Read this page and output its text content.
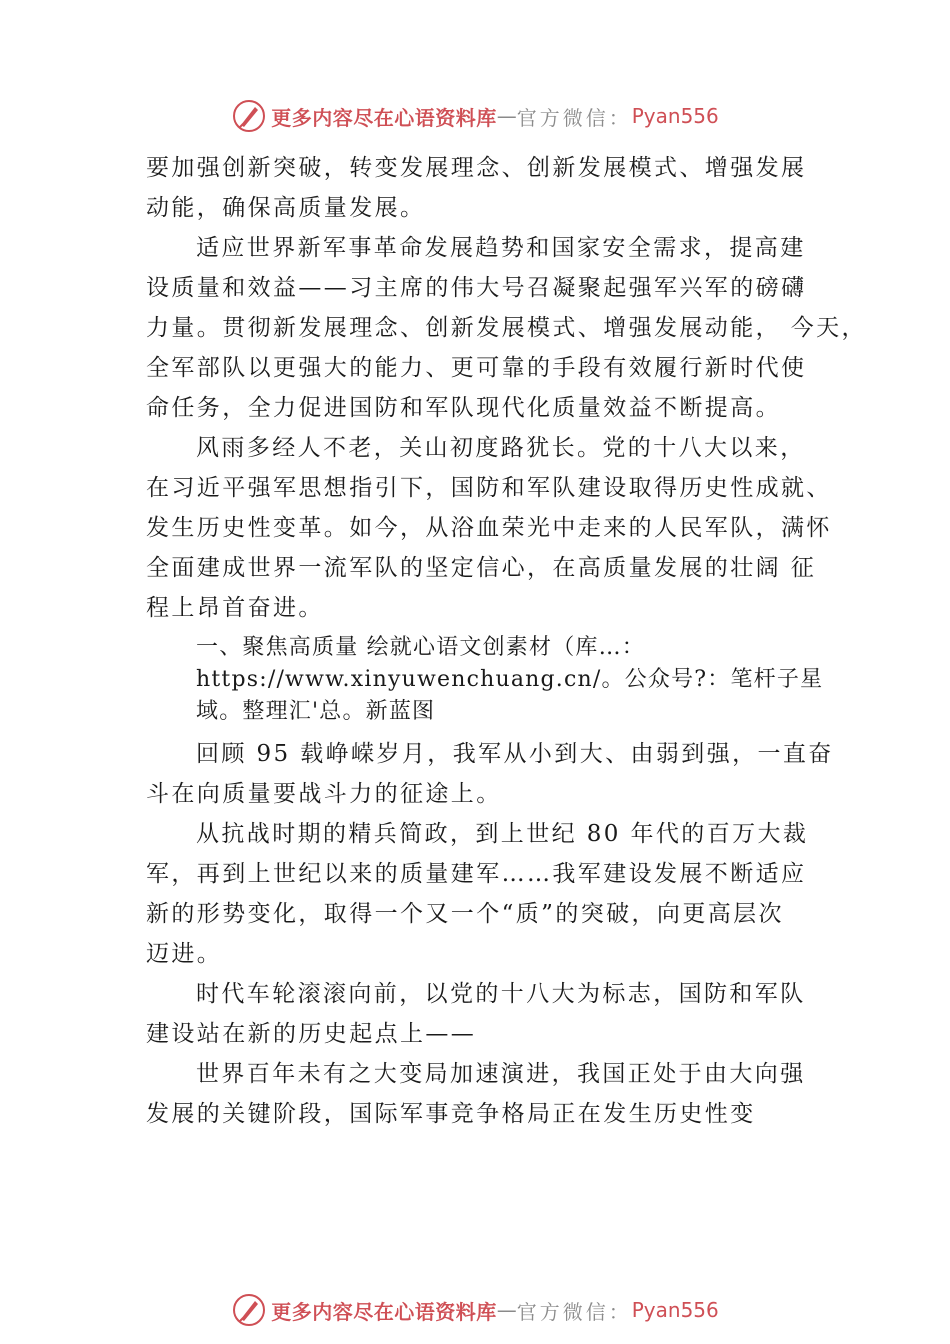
更多内容尽在心语资料库 — 官方微信： Pyan556
要加强创新突破，转变发展理念、创新发展模式、增强发展
动能，确保高质量发展。
适应世界新军事革命发展趋势和国家安全需求，提高建
设质量和效益——习主席的伟大号召凝聚起强军兴军的磅礴
力量。贯彻新发展理念、创新发展模式、增强发展动能， 今天，
全军部队以更强大的能力、更可靠的手段有效履行新时代使
命任务，全力促进国防和军队现代化质量效益不断提高。
风雨多经人不老，关山初度路犹长。党的十八大以来，
在习近平强军思想指引下，国防和军队建设取得历史性成就、
发生历史性变革。如今，从浴血荣光中走来的人民军队，满怀
全面建成世界一流军队的坚定信心，在高质量发展的壮阔 征
程上昂首奋进。
一、聚焦高质量 绘就心语文创素材（库…：
https://www.xinyuwenchuang.cn/。公众号?：笔杆子星
域。整理汇'总。新蓝图
回顾 95 载峥嵘岁月，我军从小到大、由弱到强，一直奋
斗在向质量要战斗力的征途上。
从抗战时期的精兵简政，到上世纪 80 年代的百万大裁
军，再到上世纪以来的质量建军……我军建设发展不断适应
新的形势变化，取得一个又一个“质”的突破，向更高层次
迈进。
时代车轮滚滚向前，以党的十八大为标志，国防和军队
建设站在新的历史起点上——
世界百年未有之大变局加速演进，我国正处于由大向强
发展的关键阶段，国际军事竞争格局正在发生历史性变
更多内容尽在心语资料库 — 官方微信： Pyan556
